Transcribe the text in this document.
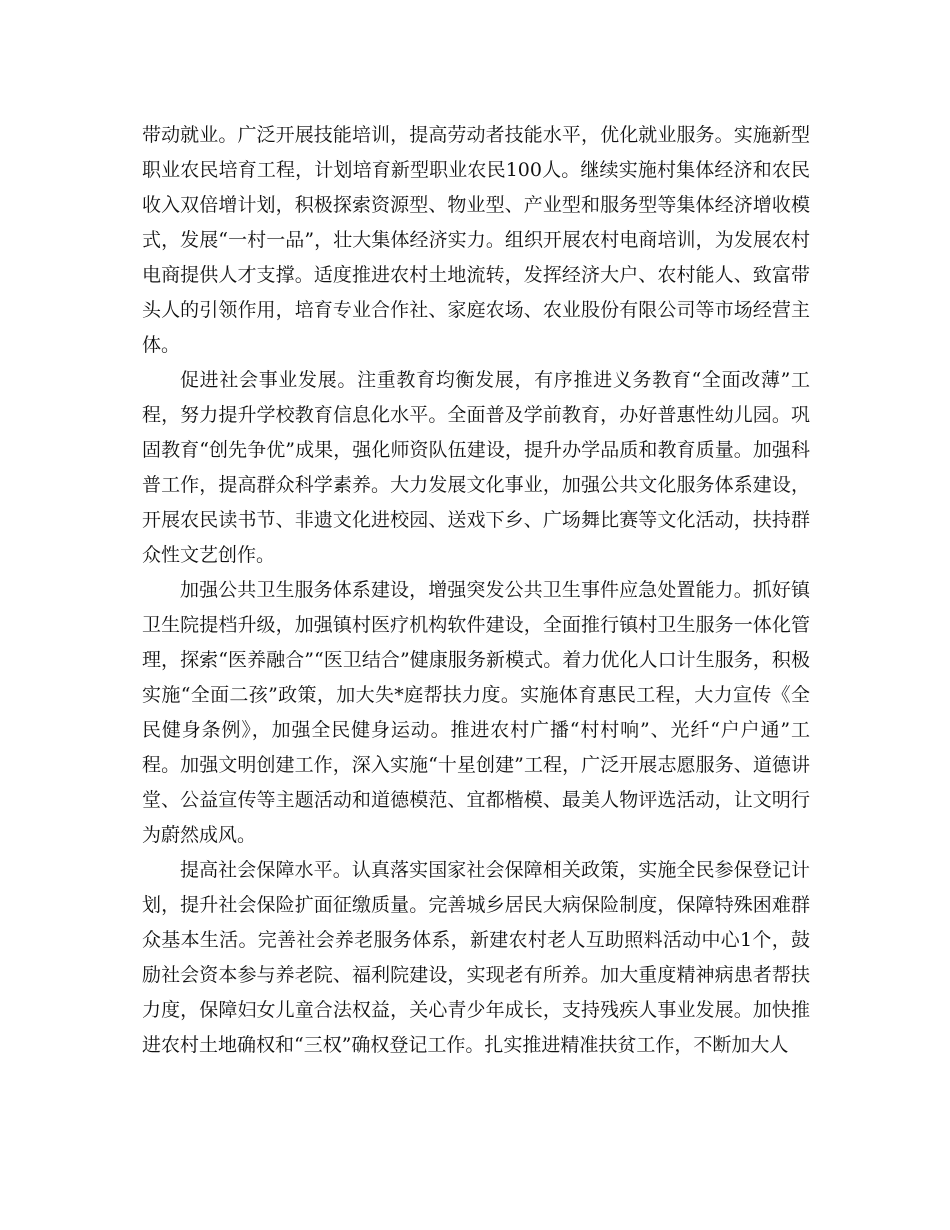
带动就业。广泛开展技能培训，提高劳动者技能水平，优化就业服务。实施新型职业农民培育工程，计划培育新型职业农民100人。继续实施村集体经济和农民收入双倍增计划，积极探索资源型、物业型、产业型和服务型等集体经济增收模式，发展“一村一品”，壮大集体经济实力。组织开展农村电商培训，为发展农村电商提供人才支撑。适度推进农村土地流转，发挥经济大户、农村能人、致富带头人的引领作用，培育专业合作社、家庭农场、农业股份有限公司等市场经营主体。

促进社会事业发展。注重教育均衡发展，有序推进义务教育“全面改薄”工程，努力提升学校教育信息化水平。全面普及学前教育，办好普惠性幼儿园。巩固教育“创先争优”成果，强化师资队伍建设，提升办学品质和教育质量。加强科普工作，提高群众科学素养。大力发展文化事业，加强公共文化服务体系建设，开展农民读书节、非遗文化进校园、送戏下乡、广场舞比赛等文化活动，扶持群众性文艺创作。

加强公共卫生服务体系建设，增强突发公共卫生事件应急处置能力。抓好镇卫生院提档升级，加强镇村医疗机构软件建设，全面推行镇村卫生服务一体化管理，探索“医养融合”“医卫结合”健康服务新模式。着力优化人口计生服务，积极实施“全面二孩”政策，加大失*庭帮扶力度。实施体育惠民工程，大力宣传《全民健身条例》，加强全民健身运动。推进农村广播“村村响”、光纤“户户通”工程。加强文明创建工作，深入实施“十星创建”工程，广泛开展志愿服务、道德讲堂、公益宣传等主题活动和道德模范、宜都楷模、最美人物评选活动，让文明行为蔚然成风。

提高社会保障水平。认真落实国家社会保障相关政策，实施全民参保登记计划，提升社会保险扩面征缴质量。完善城乡居民大病保险制度，保障特殊困难群众基本生活。完善社会养老服务体系，新建农村老人互助照料活动中心1个，鼓励社会资本参与养老院、福利院建设，实现老有所养。加大重度精神病患者帮扶力度，保障妇女儿童合法权益，关心青少年成长，支持残疾人事业发展。加快推进农村土地确权和“三权”确权登记工作。扎实推进精准扶贫工作，不断加大人
